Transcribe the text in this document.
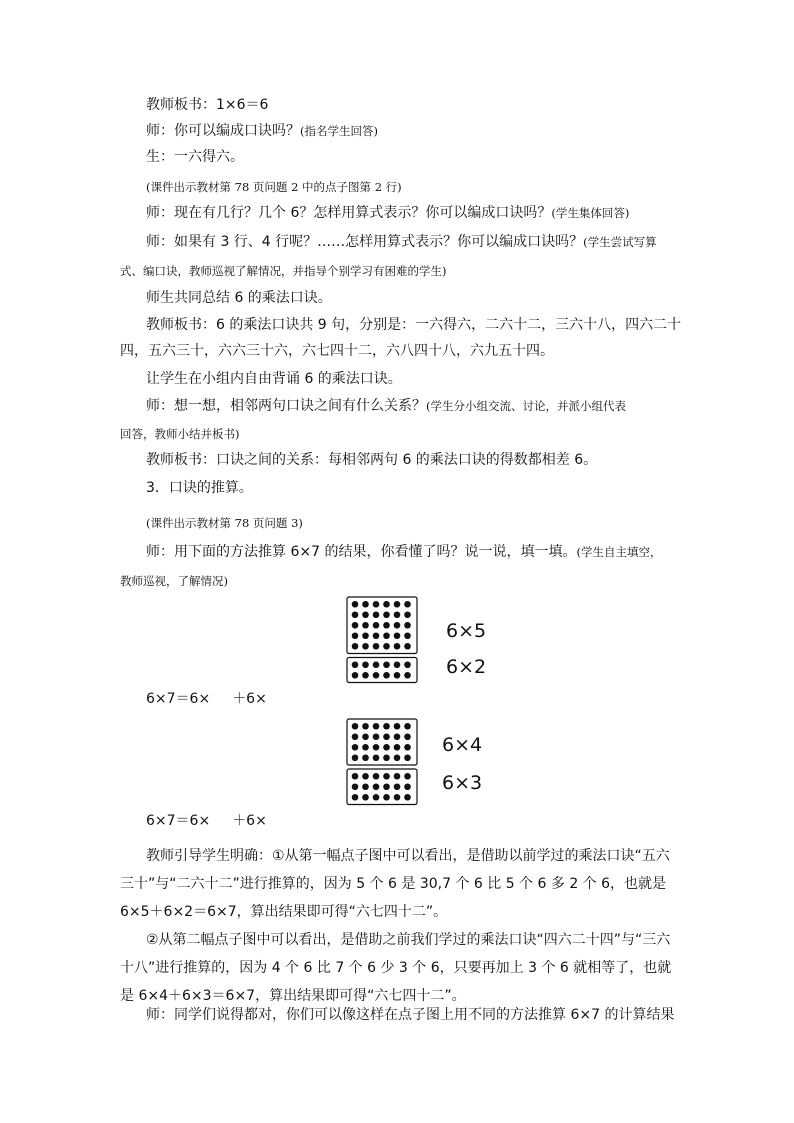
教师板书：1×6＝6
师：你可以编成口诀吗？(指名学生回答)
生：一六得六。
(课件出示教材第 78 页问题 2 中的点子图第 2 行)
师：现在有几行？几个 6？怎样用算式表示？你可以编成口诀吗？(学生集体回答)
师：如果有 3 行、4 行呢？……怎样用算式表示？你可以编成口诀吗？(学生尝试写算
式、编口诀，教师巡视了解情况，并指导个别学习有困难的学生)
师生共同总结 6 的乘法口诀。
教师板书：6 的乘法口诀共 9 句，分别是：一六得六，二六十二，三六十八，四六二十
四，五六三十，六六三十六，六七四十二，六八四十八，六九五十四。
让学生在小组内自由背诵 6 的乘法口诀。
师：想一想，相邻两句口诀之间有什么关系？(学生分小组交流、讨论，并派小组代表
回答，教师小结并板书)
教师板书：口诀之间的关系：每相邻两句 6 的乘法口诀的得数都相差 6。
3．口诀的推算。
(课件出示教材第 78 页问题 3)
师：用下面的方法推算 6×7 的结果，你看懂了吗？说一说，填一填。(学生自主填空，
教师巡视，了解情况)
6×5
6×2
6×7＝6× ＋6×
6×4
6×3
6×7＝6× ＋6×
教师引导学生明确：①从第一幅点子图中可以看出，是借助以前学过的乘法口诀“五六三十”与“二六十二”进行推算的，因为 5 个 6 是 30,7 个 6 比 5 个 6 多 2 个 6，也就是 6×5＋6×2＝6×7，算出结果即可得“六七四十二”。
②从第二幅点子图中可以看出，是借助之前我们学过的乘法口诀“四六二十四”与“三六十八”进行推算的，因为 4 个 6 比 7 个 6 少 3 个 6，只要再加上 3 个 6 就相等了，也就是 6×4＋6×3＝6×7，算出结果即可得“六七四十二”。
师：同学们说得都对，你们可以像这样在点子图上用不同的方法推算 6×7 的计算结果
